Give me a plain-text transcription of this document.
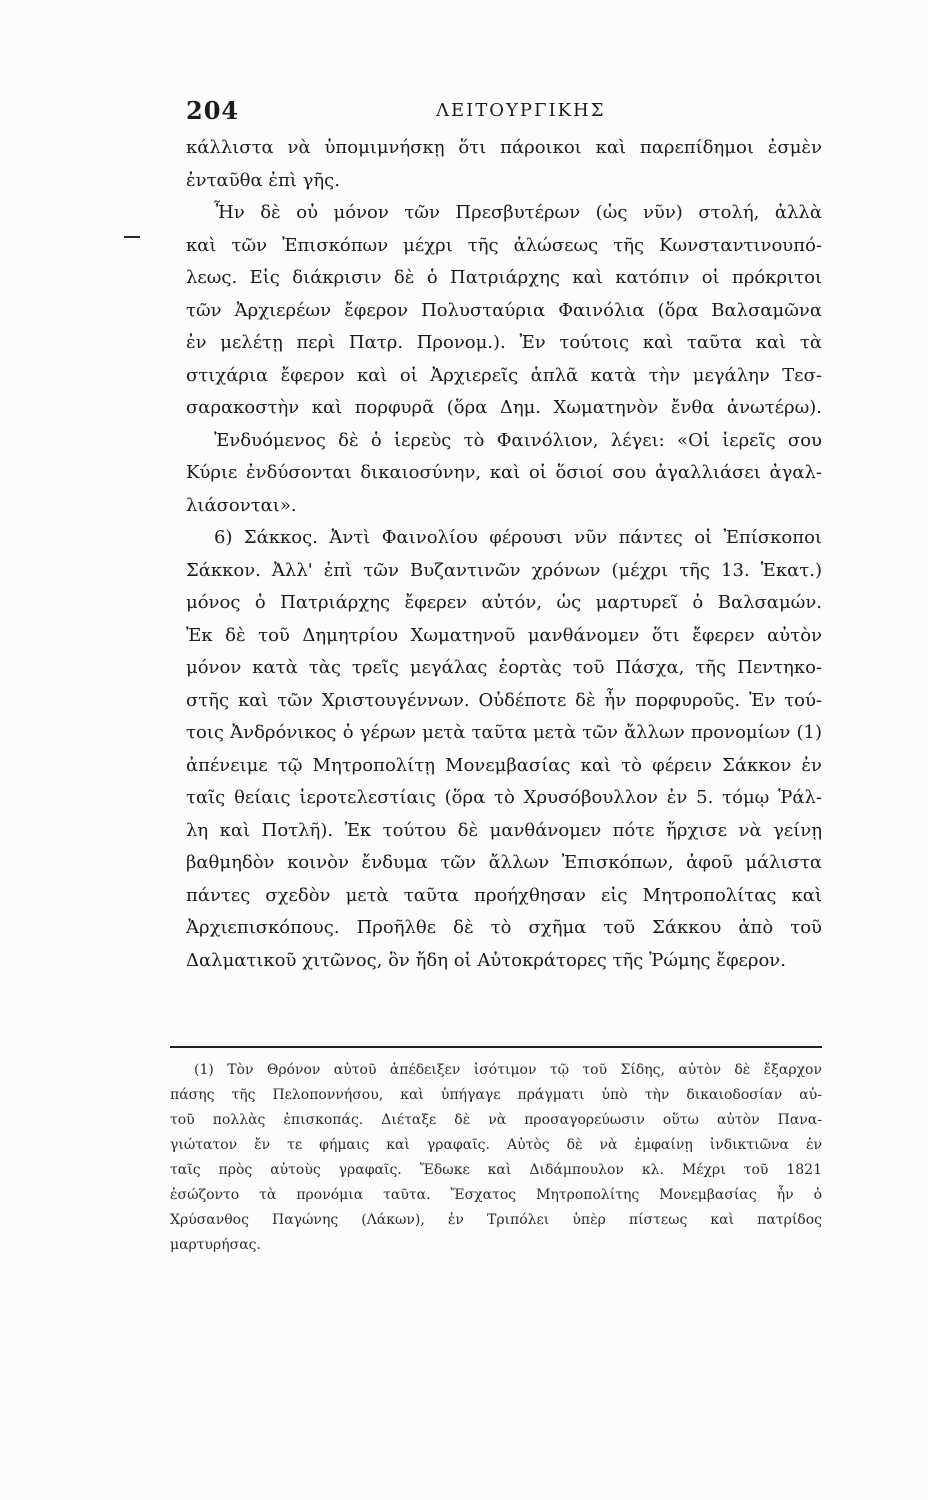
204	ΛΕΙΤΟΥΡΓΙΚΗΣ
κάλλιστα νὰ ὑπομιμνήσκῃ ὅτι πάροικοι καὶ παρεπίδημοι ἐσμὲν
ἐνταῦθα ἐπὶ γῆς.
Ἦν δὲ οὐ μόνον τῶν Πρεσβυτέρων (ὡς νῦν) στολή, ἀλλὰ
καὶ τῶν Ἐπισκόπων μέχρι τῆς ἁλώσεως τῆς Κωνσταντινουπό-
λεως. Εἰς διάκρισιν δὲ ὁ Πατριάρχης καὶ κατόπιν οἱ πρόκριτοι
τῶν Ἀρχιερέων ἔφερον Πολυσταύρια Φαινόλια (ὅρα Βαλσαμῶνα
ἐν μελέτῃ περὶ Πατρ. Προνομ.). Ἐν τούτοις καὶ ταῦτα καὶ τὰ
στιχάρια ἔφερον καὶ οἱ Ἀρχιερεῖς ἁπλᾶ κατὰ τὴν μεγάλην Τεσ-
σαρακοστὴν καὶ πορφυρᾶ (ὅρα Δημ. Χωματηνὸν ἔνθα ἀνωτέρω).
Ἐνδυόμενος δὲ ὁ ἱερεὺς τὸ Φαινόλιον, λέγει: «Οἱ ἱερεῖς σου
Κύριε ἐνδύσονται δικαιοσύνην, καὶ οἱ ὅσιοί σου ἀγαλλιάσει ἀγαλ-
λιάσονται».
6) Σάκκος. Ἀντὶ Φαινολίου φέρουσι νῦν πάντες οἱ Ἐπίσκοποι
Σάκκον. Ἀλλ' ἐπὶ τῶν Βυζαντινῶν χρόνων (μέχρι τῆς 13. Ἑκατ.)
μόνος ὁ Πατριάρχης ἔφερεν αὐτόν, ὡς μαρτυρεῖ ὁ Βαλσαμών.
Ἐκ δὲ τοῦ Δημητρίου Χωματηνοῦ μανθάνομεν ὅτι ἔφερεν αὐτὸν
μόνον κατὰ τὰς τρεῖς μεγάλας ἑορτὰς τοῦ Πάσχα, τῆς Πεντηκο-
στῆς καὶ τῶν Χριστουγέννων. Οὐδέποτε δὲ ἦν πορφυροῦς. Ἐν τού-
τοις Ἀνδρόνικος ὁ γέρων μετὰ ταῦτα μετὰ τῶν ἄλλων προνομίων (1)
ἀπένειμε τῷ Μητροπολίτῃ Μονεμβασίας καὶ τὸ φέρειν Σάκκον ἐν
ταῖς θείαις ἱεροτελεστίαις (ὅρα τὸ Χρυσόβουλλον ἐν 5. τόμῳ Ῥάλ-
λη καὶ Ποτλῆ). Ἐκ τούτου δὲ μανθάνομεν πότε ἤρχισε νὰ γείνῃ
βαθμηδὸν κοινὸν ἔνδυμα τῶν ἄλλων Ἐπισκόπων, ἀφοῦ μάλιστα
πάντες σχεδὸν μετὰ ταῦτα προήχθησαν εἰς Μητροπολίτας καὶ
Ἀρχιεπισκόπους. Προῆλθε δὲ τὸ σχῆμα τοῦ Σάκκου ἀπὸ τοῦ
Δαλματικοῦ χιτῶνος, ὃν ἤδη οἱ Αὐτοκράτορες τῆς Ῥώμης ἔφερον.
(1) Τὸν Θρόνον αὐτοῦ ἀπέδειξεν ἰσότιμον τῷ τοῦ Σίδης, αὐτὸν δὲ ἔξαρχον
πάσης τῆς Πελοποννήσου, καὶ ὑπήγαγε πράγματι ὑπὸ τὴν δικαιοδοσίαν αὐ-
τοῦ πολλὰς ἐπισκοπάς. Διέταξε δὲ νὰ προσαγορεύωσιν οὕτω αὐτὸν Πανα-
γιώτατον ἔν τε φήμαις καὶ γραφαῖς. Αὐτὸς δὲ νὰ ἐμφαίνῃ ἰνδικτιῶνα ἐν
ταῖς πρὸς αὐτοὺς γραφαῖς. Ἔδωκε καὶ Διδάμπουλον κλ. Μέχρι τοῦ 1821
ἐσώζοντο τὰ προνόμια ταῦτα. Ἔσχατος Μητροπολίτης Μονεμβασίας ἦν ὁ
Χρύσανθος Παγώνης (Λάκων), ἐν Τριπόλει ὑπὲρ πίστεως καὶ πατρίδος
μαρτυρήσας.
